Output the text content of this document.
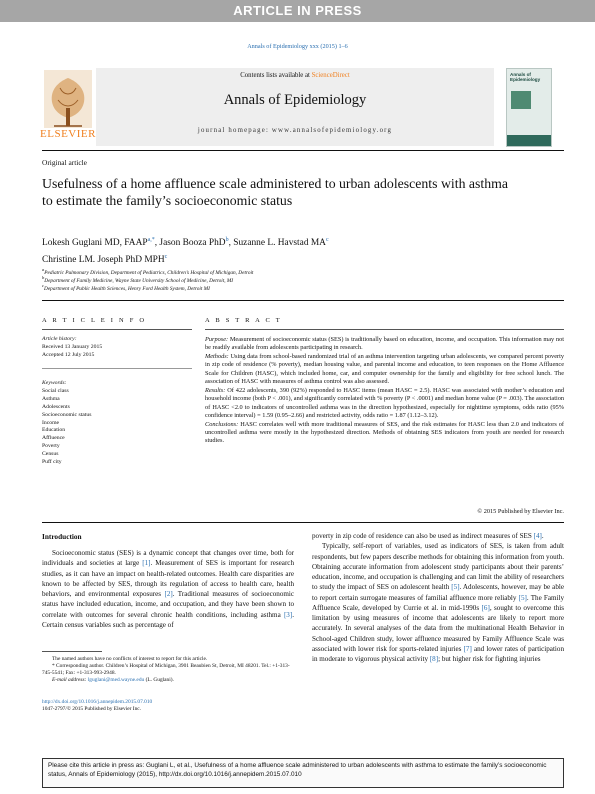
ARTICLE IN PRESS
Annals of Epidemiology xxx (2015) 1–6
ELSEVIER
Contents lists available at ScienceDirect
Annals of Epidemiology
journal homepage: www.annalsofepidemiology.org
Annals of Epidemiology
Original article
Usefulness of a home affluence scale administered to urban adolescents with asthma to estimate the family’s socioeconomic status
Lokesh Guglani MD, $FAAP^{a,*}$, Jason Booza PhD$^b$, Suzanne L. Havstad $MA^c$
Christine LM. Joseph PhD MPH$^c$
$^a$Pediatric Pulmonary Division, Department of Pediatrics, Children’s Hospital of Michigan, Detroit
$^b$Department of Family Medicine, Wayne State University School of Medicine, Detroit, MI
$^c$Department of Public Health Sciences, Henry Ford Health System, Detroit MI
A R T I C L E I N F O
Article history:
Received 13 January 2015
Accepted 12 July 2015
Keywords:
Social class
Asthma
Adolescents
Socioeconomic status
Income
Education
Affluence
Poverty
Census
Puff city
A B S T R A C T
Purpose: Measurement of socioeconomic status (SES) is traditionally based on education, income, and occupation. This information may not be readily available from adolescents participating in research.
Methods: Using data from school-based randomized trial of an asthma intervention targeting urban adolescents, we compared percent poverty in zip code of residence (% poverty), median housing value, and parental income and education, to teen responses on the Home Affluence Scale for Children (HASC), which included home, car, and computer ownership for the family and eligibility for free school lunch. The association of HASC with measures of asthma control was also assessed.
Results: Of 422 adolescents, 390 (92%) responded to HASC items (mean HASC = 2.5). HASC was associated with mother’s education and household income (both P < .001), and significantly correlated with % poverty (P < .0001) and median home value (P = .003). The association of HASC <2.0 to indicators of uncontrolled asthma was in the direction hypothesized, especially for nighttime symptoms, odds ratio (95% confidence interval) = 1.59 (0.95–2.66) and restricted activity, odds ratio = 1.87 (1.12–3.12).
Conclusions: HASC correlates well with more traditional measures of SES, and the risk estimates for HASC less than 2.0 and indicators of uncontrolled asthma were mostly in the hypothesized direction. Methods of obtaining SES indicators from youth are needed for research studies.
© 2015 Published by Elsevier Inc.
Introduction
Socioeconomic status (SES) is a dynamic concept that changes over time, both for individuals and societies at large [1]. Measurement of SES is important for research studies, as it can have an impact on health-related outcomes. Health care disparities are known to be affected by SES, through its regulation of access to health care, health behaviors, and environmental exposures [2]. Traditional measures of socioeconomic status have included education, income, and occupation, and they have been shown to correlate with outcomes for several chronic health conditions, including asthma [3]. Certain census variables such as percentage of
The named authors have no conflicts of interest to report for this article.
* Corresponding author. Children’s Hospital of Michigan, 3901 Beaubien St, Detroit, MI 48201. Tel.: +1-313-745-5541; Fax: +1-313-993-2948.
E-mail address: lguglani@med.wayne.edu (L. Guglani).
http://dx.doi.org/10.1016/j.annepidem.2015.07.010
1047-2797/© 2015 Published by Elsevier Inc.
poverty in zip code of residence can also be used as indirect measures of SES [4].
Typically, self-report of variables, used as indicators of SES, is taken from adult respondents, but few papers describe methods for obtaining this information from youth. Obtaining accurate information from adolescent study participants about their parents’ education, income, and occupation is challenging and can limit the ability of researchers to study the impact of SES on adolescent health [5]. Adolescents, however, may be able to report certain surrogate measures of familial affluence more reliably [5]. The Family Affluence Scale, developed by Currie et al. in mid-1990s [6], sought to overcome this limitation by using measures of income that adolescents are likely to report more accurately. In several analyses of the data from the multinational Health Behavior in School-aged Children study, lower affluence measured by Family Affluence Scale was associated with lower risk for sports-related injuries [7] and lower rates of participation in moderate to vigorous physical activity [8]; but higher risk for fighting injuries
Please cite this article in press as: Guglani L, et al., Usefulness of a home affluence scale administered to urban adolescents with asthma to estimate the family’s socioeconomic status, Annals of Epidemiology (2015), http://dx.doi.org/10.1016/j.annepidem.2015.07.010
